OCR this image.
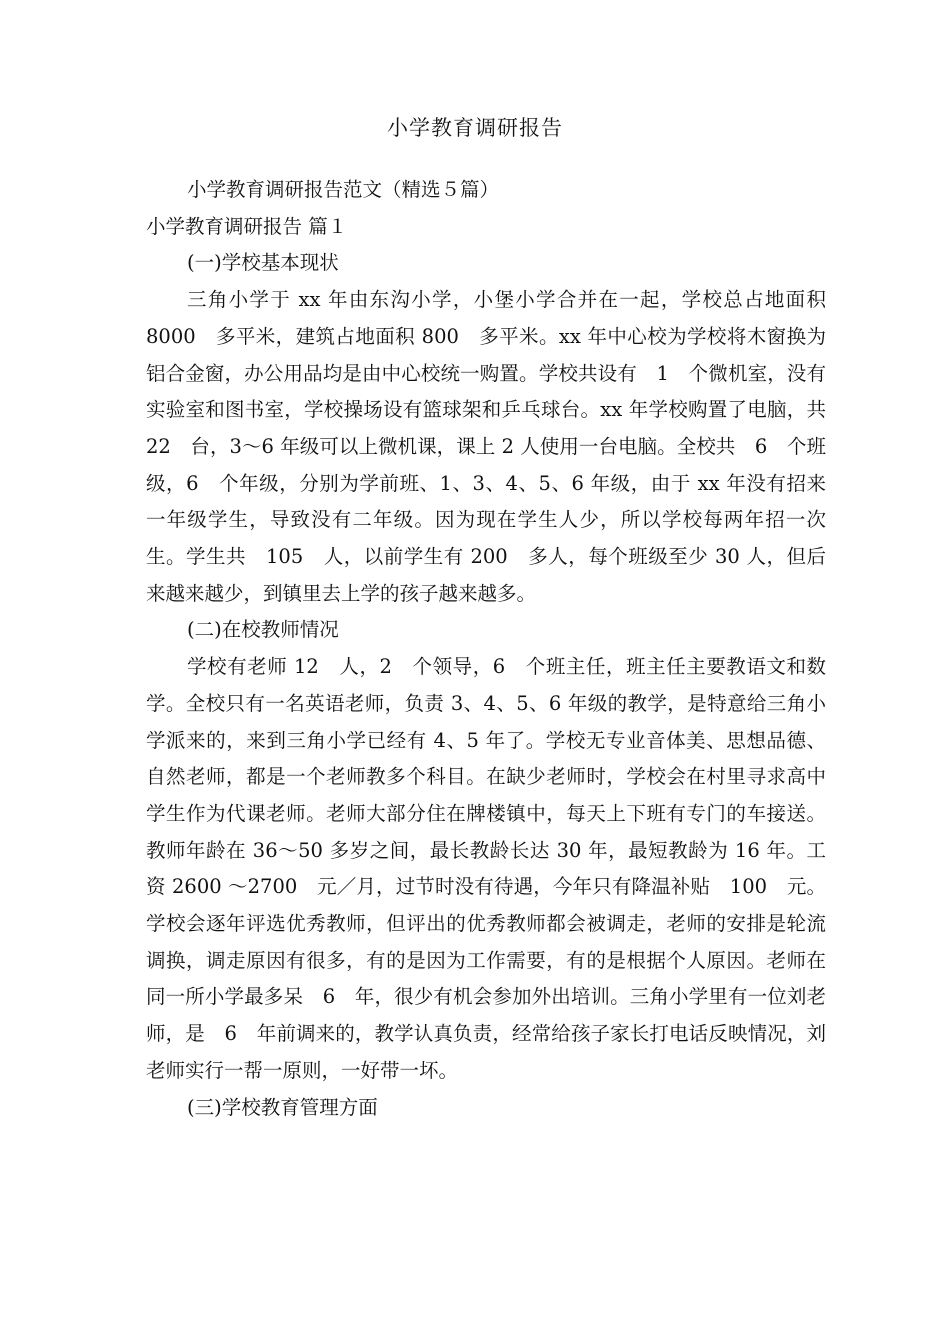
小学教育调研报告

小学教育调研报告范文（精选５篇）

小学教育调研报告 篇１

(一)学校基本现状

三角小学于 xx 年由东沟小学，小堡小学合并在一起，学校总占地面积 8000　多平米，建筑占地面积 800　多平米。xx 年中心校为学校将木窗换为铝合金窗，办公用品均是由中心校统一购置。学校共设有　1　个微机室，没有实验室和图书室，学校操场设有篮球架和乒乓球台。xx 年学校购置了电脑，共 22　台，3～6 年级可以上微机课，课上 2 人使用一台电脑。全校共　6　个班级，6　个年级，分别为学前班、1、3、4、5、6 年级，由于 xx 年没有招来一年级学生，导致没有二年级。因为现在学生人少，所以学校每两年招一次生。学生共　105　人，以前学生有 200　多人，每个班级至少 30 人，但后来越来越少，到镇里去上学的孩子越来越多。

(二)在校教师情况

学校有老师 12　人，2　个领导，6　个班主任，班主任主要教语文和数学。全校只有一名英语老师，负责 3、4、5、6 年级的教学，是特意给三角小学派来的，来到三角小学已经有 4、5 年了。学校无专业音体美、思想品德、自然老师，都是一个老师教多个科目。在缺少老师时，学校会在村里寻求高中学生作为代课老师。老师大部分住在牌楼镇中，每天上下班有专门的车接送。教师年龄在 36～50 多岁之间，最长教龄长达 30 年，最短教龄为 16 年。工资 2600 ～2700　元／月，过节时没有待遇，今年只有降温补贴　100　元。学校会逐年评选优秀教师，但评出的优秀教师都会被调走，老师的安排是轮流调换，调走原因有很多，有的是因为工作需要，有的是根据个人原因。老师在同一所小学最多呆　6　年，很少有机会参加外出培训。三角小学里有一位刘老师，是　6　年前调来的，教学认真负责，经常给孩子家长打电话反映情况，刘老师实行一帮一原则，一好带一坏。

(三)学校教育管理方面
